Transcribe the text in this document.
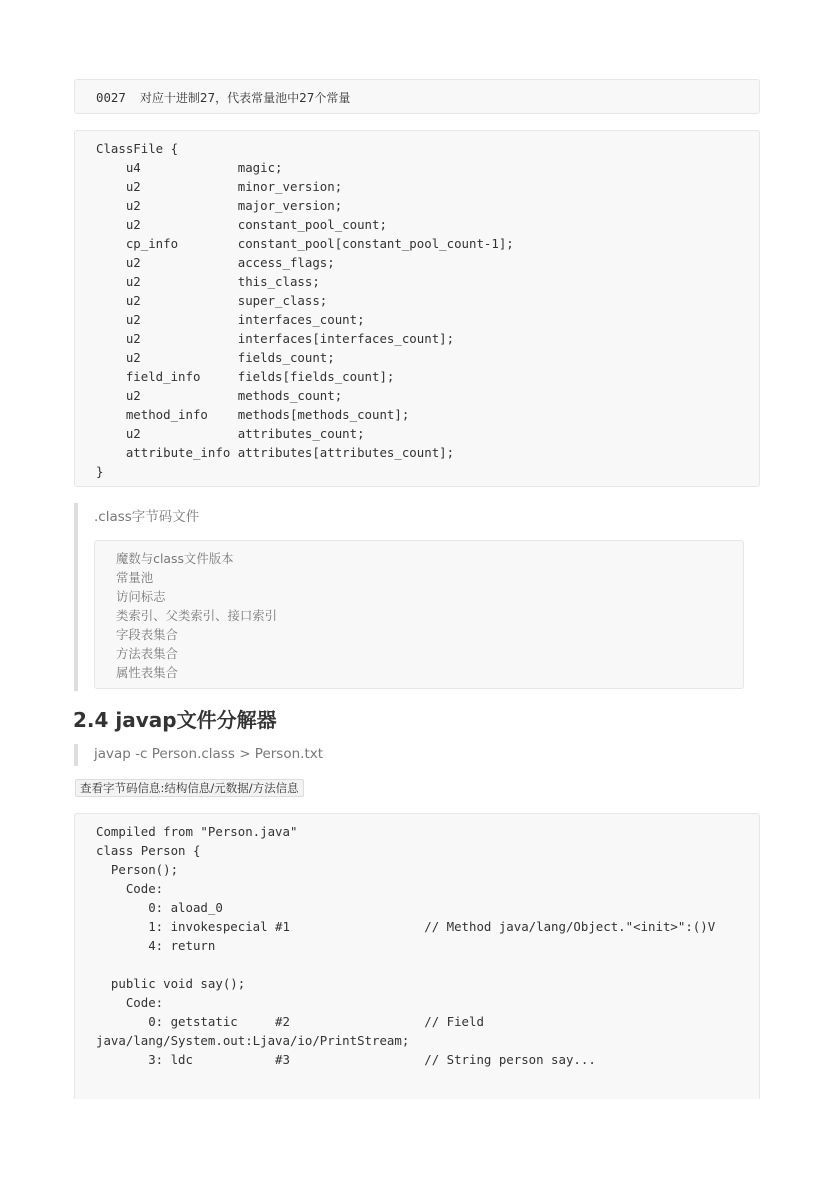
0027 对应十进制27，代表常量池中27个常量
ClassFile {
u4             magic;
u2             minor_version;
u2             major_version;
u2             constant_pool_count;
cp_info        constant_pool[constant_pool_count-1];
u2             access_flags;
u2             this_class;
u2             super_class;
u2             interfaces_count;
u2             interfaces[interfaces_count];
u2             fields_count;
field_info     fields[fields_count];
u2             methods_count;
method_info    methods[methods_count];
u2             attributes_count;
attribute_info attributes[attributes_count];
}
.class字节码文件
魔数与class文件版本
常量池
访问标志
类索引、父类索引、接口索引
字段表集合
方法表集合
属性表集合
2.4 javap文件分解器
javap -c Person.class > Person.txt
查看字节码信息:结构信息/元数据/方法信息
Compiled from "Person.java"
class Person {
Person();
Code:
0: aload_0
1: invokespecial #1                  // Method java/lang/Object."<init>":()V
4: return

public void say();
Code:
0: getstatic     #2                  // Field
java/lang/System.out:Ljava/io/PrintStream;
3: ldc           #3                  // String person say...
